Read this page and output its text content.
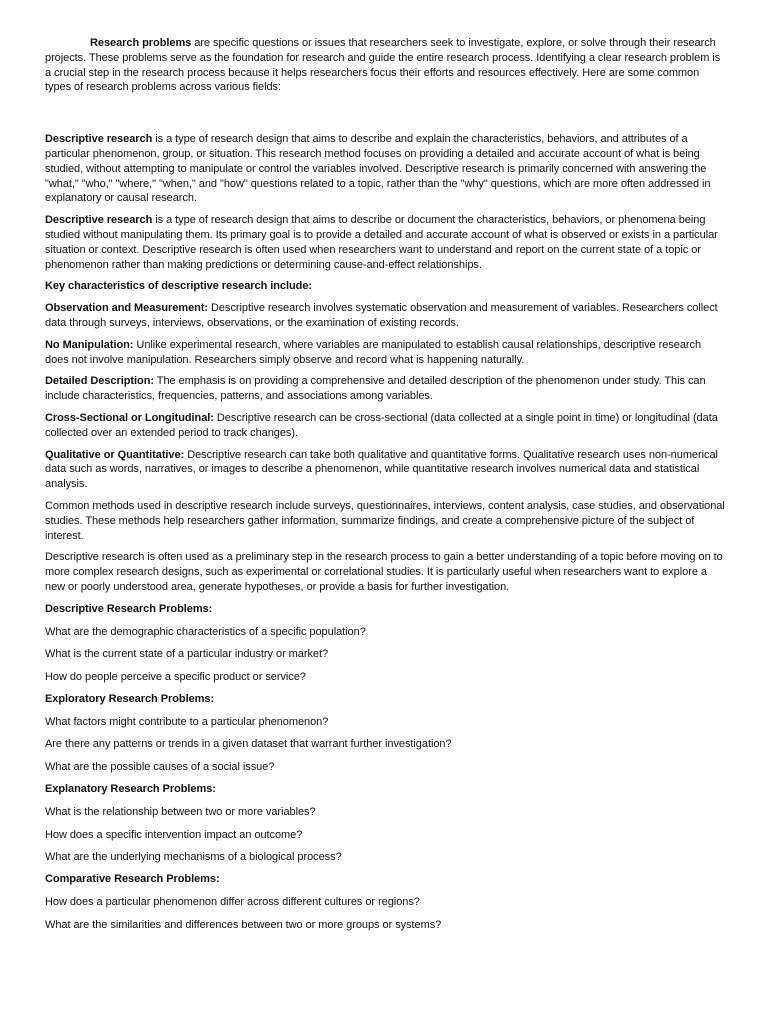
Research problems are specific questions or issues that researchers seek to investigate, explore, or solve through their research projects. These problems serve as the foundation for research and guide the entire research process. Identifying a clear research problem is a crucial step in the research process because it helps researchers focus their efforts and resources effectively. Here are some common types of research problems across various fields:

Descriptive research is a type of research design that aims to describe and explain the characteristics, behaviors, and attributes of a particular phenomenon, group, or situation. This research method focuses on providing a detailed and accurate account of what is being studied, without attempting to manipulate or control the variables involved. Descriptive research is primarily concerned with answering the "what," "who," "where," "when," and "how" questions related to a topic, rather than the "why" questions, which are more often addressed in explanatory or causal research.

Descriptive research is a type of research design that aims to describe or document the characteristics, behaviors, or phenomena being studied without manipulating them. Its primary goal is to provide a detailed and accurate account of what is observed or exists in a particular situation or context. Descriptive research is often used when researchers want to understand and report on the current state of a topic or phenomenon rather than making predictions or determining cause-and-effect relationships.

Key characteristics of descriptive research include:

Observation and Measurement: Descriptive research involves systematic observation and measurement of variables. Researchers collect data through surveys, interviews, observations, or the examination of existing records.

No Manipulation: Unlike experimental research, where variables are manipulated to establish causal relationships, descriptive research does not involve manipulation. Researchers simply observe and record what is happening naturally.

Detailed Description: The emphasis is on providing a comprehensive and detailed description of the phenomenon under study. This can include characteristics, frequencies, patterns, and associations among variables.

Cross-Sectional or Longitudinal: Descriptive research can be cross-sectional (data collected at a single point in time) or longitudinal (data collected over an extended period to track changes).

Qualitative or Quantitative: Descriptive research can take both qualitative and quantitative forms. Qualitative research uses non-numerical data such as words, narratives, or images to describe a phenomenon, while quantitative research involves numerical data and statistical analysis.

Common methods used in descriptive research include surveys, questionnaires, interviews, content analysis, case studies, and observational studies. These methods help researchers gather information, summarize findings, and create a comprehensive picture of the subject of interest.

Descriptive research is often used as a preliminary step in the research process to gain a better understanding of a topic before moving on to more complex research designs, such as experimental or correlational studies. It is particularly useful when researchers want to explore a new or poorly understood area, generate hypotheses, or provide a basis for further investigation.

Descriptive Research Problems:

What are the demographic characteristics of a specific population?

What is the current state of a particular industry or market?

How do people perceive a specific product or service?

Exploratory Research Problems:

What factors might contribute to a particular phenomenon?

Are there any patterns or trends in a given dataset that warrant further investigation?

What are the possible causes of a social issue?

Explanatory Research Problems:

What is the relationship between two or more variables?

How does a specific intervention impact an outcome?

What are the underlying mechanisms of a biological process?

Comparative Research Problems:

How does a particular phenomenon differ across different cultures or regions?

What are the similarities and differences between two or more groups or systems?
